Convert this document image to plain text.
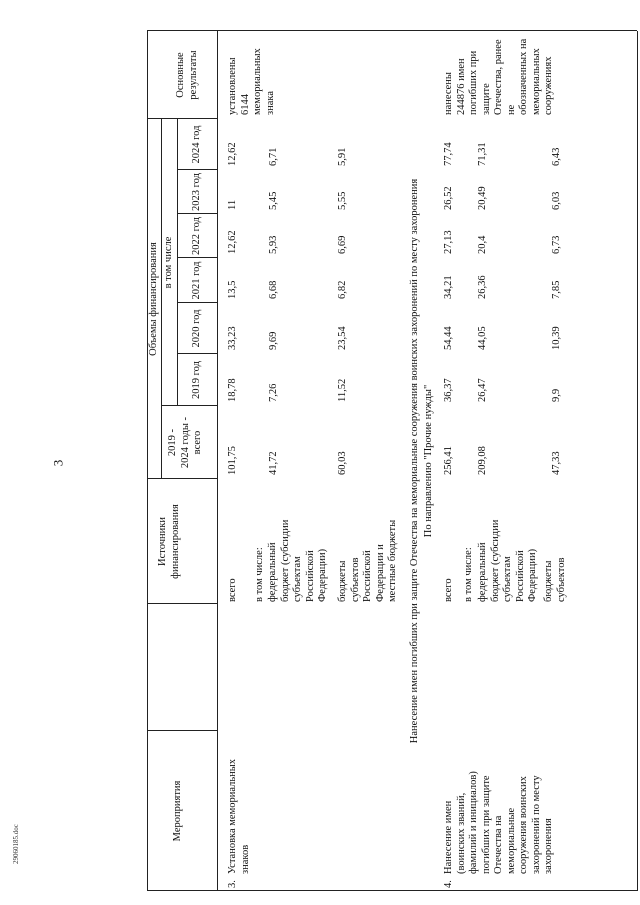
3
29060185.doc
Мероприятия
Источники
финансирования
Объемы финансирования
2019 -
2024 годы -
всего
в том числе
2019 год
2020 год
2021 год
2022 год
2023 год
2024 год
Основные результаты
3.
Установка мемориальных
знаков
всего в том числе: федеральный
бюджет (субсидии
субъектам
Российской
Федерации) бюджеты
субъектов
Российской
Федерации и
местные бюджеты
101,75
18,78
33,23
13,5
12,62
11
12,62
41,72
7,26
9,69
6,68
5,93
5,45
6,71
60,03
11,52
23,54
6,82
6,69
5,55
5,91
установлены
6144 мемориальных
знака
Нанесение имен погибших при защите Отечества на мемориальные сооружения воинских захоронений по месту захоронения По направлению "Прочие нужды"
4.
Нанесение имен
(воинских званий,
фамилий и инициалов)
погибших при защите
Отечества на
мемориальные
сооружения воинских
захоронений по месту
захоронения
всего в том числе: федеральный
бюджет (субсидии
субъектам
Российской
Федерации) бюджеты
субъектов
256,41
36,37
54,44
34,21
27,13
26,52
77,74
209,08
26,47
44,05
26,36
20,4
20,49
71,31
47,33
9,9
10,39
7,85
6,73
6,03
6,43
нанесены
244876 имен
погибших при защите
Отечества, ранее не
обозначенных на
мемориальных
сооружениях
